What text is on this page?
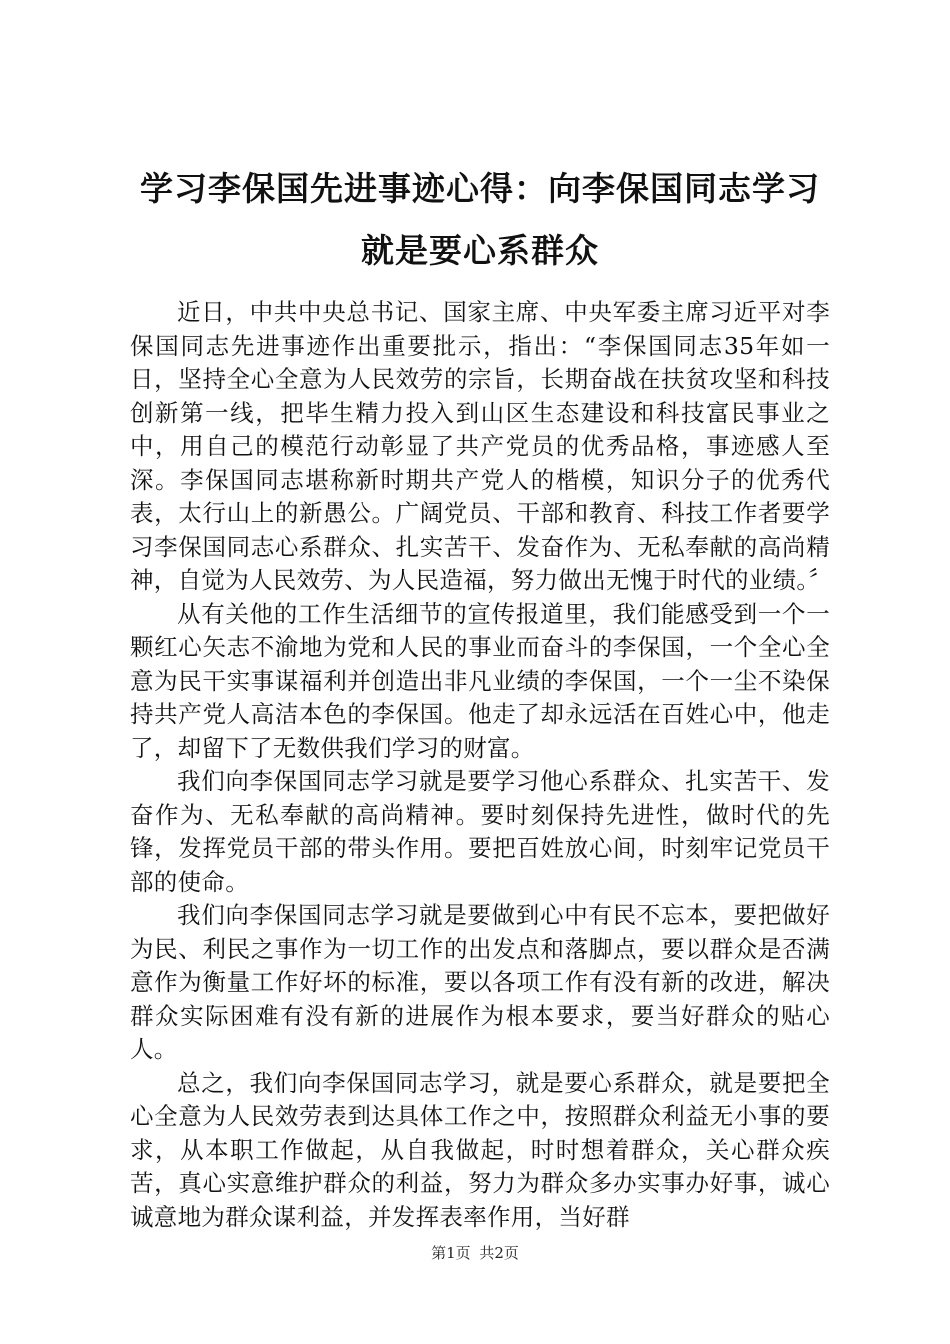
学习李保国先进事迹心得：向李保国同志学习
就是要心系群众

近日，中共中央总书记、国家主席、中央军委主席习近平对李保国同志先进事迹作出重要批示，指出：“李保国同志35年如一日，坚持全心全意为人民效劳的宗旨，长期奋战在扶贫攻坚和科技创新第一线，把毕生精力投入到山区生态建设和科技富民事业之中，用自己的模范行动彰显了共产党员的优秀品格，事迹感人至深。李保国同志堪称新时期共产党人的楷模，知识分子的优秀代表，太行山上的新愚公。广阔党员、干部和教育、科技工作者要学习李保国同志心系群众、扎实苦干、发奋作为、无私奉献的高尚精神，自觉为人民效劳、为人民造福，努力做出无愧于时代的业绩。〞

从有关他的工作生活细节的宣传报道里，我们能感受到一个一颗红心矢志不渝地为党和人民的事业而奋斗的李保国，一个全心全意为民干实事谋福利并创造出非凡业绩的李保国，一个一尘不染保持共产党人高洁本色的李保国。他走了却永远活在百姓心中，他走了，却留下了无数供我们学习的财富。

我们向李保国同志学习就是要学习他心系群众、扎实苦干、发奋作为、无私奉献的高尚精神。要时刻保持先进性，做时代的先锋，发挥党员干部的带头作用。要把百姓放心间，时刻牢记党员干部的使命。

我们向李保国同志学习就是要做到心中有民不忘本，要把做好为民、利民之事作为一切工作的出发点和落脚点，要以群众是否满意作为衡量工作好坏的标准，要以各项工作有没有新的改进，解决群众实际困难有没有新的进展作为根本要求，要当好群众的贴心人。

总之，我们向李保国同志学习，就是要心系群众，就是要把全心全意为人民效劳表到达具体工作之中，按照群众利益无小事的要求，从本职工作做起，从自我做起，时时想着群众，关心群众疾苦，真心实意维护群众的利益，努力为群众多办实事办好事，诚心诚意地为群众谋利益，并发挥表率作用，当好群

第1页 共2页
